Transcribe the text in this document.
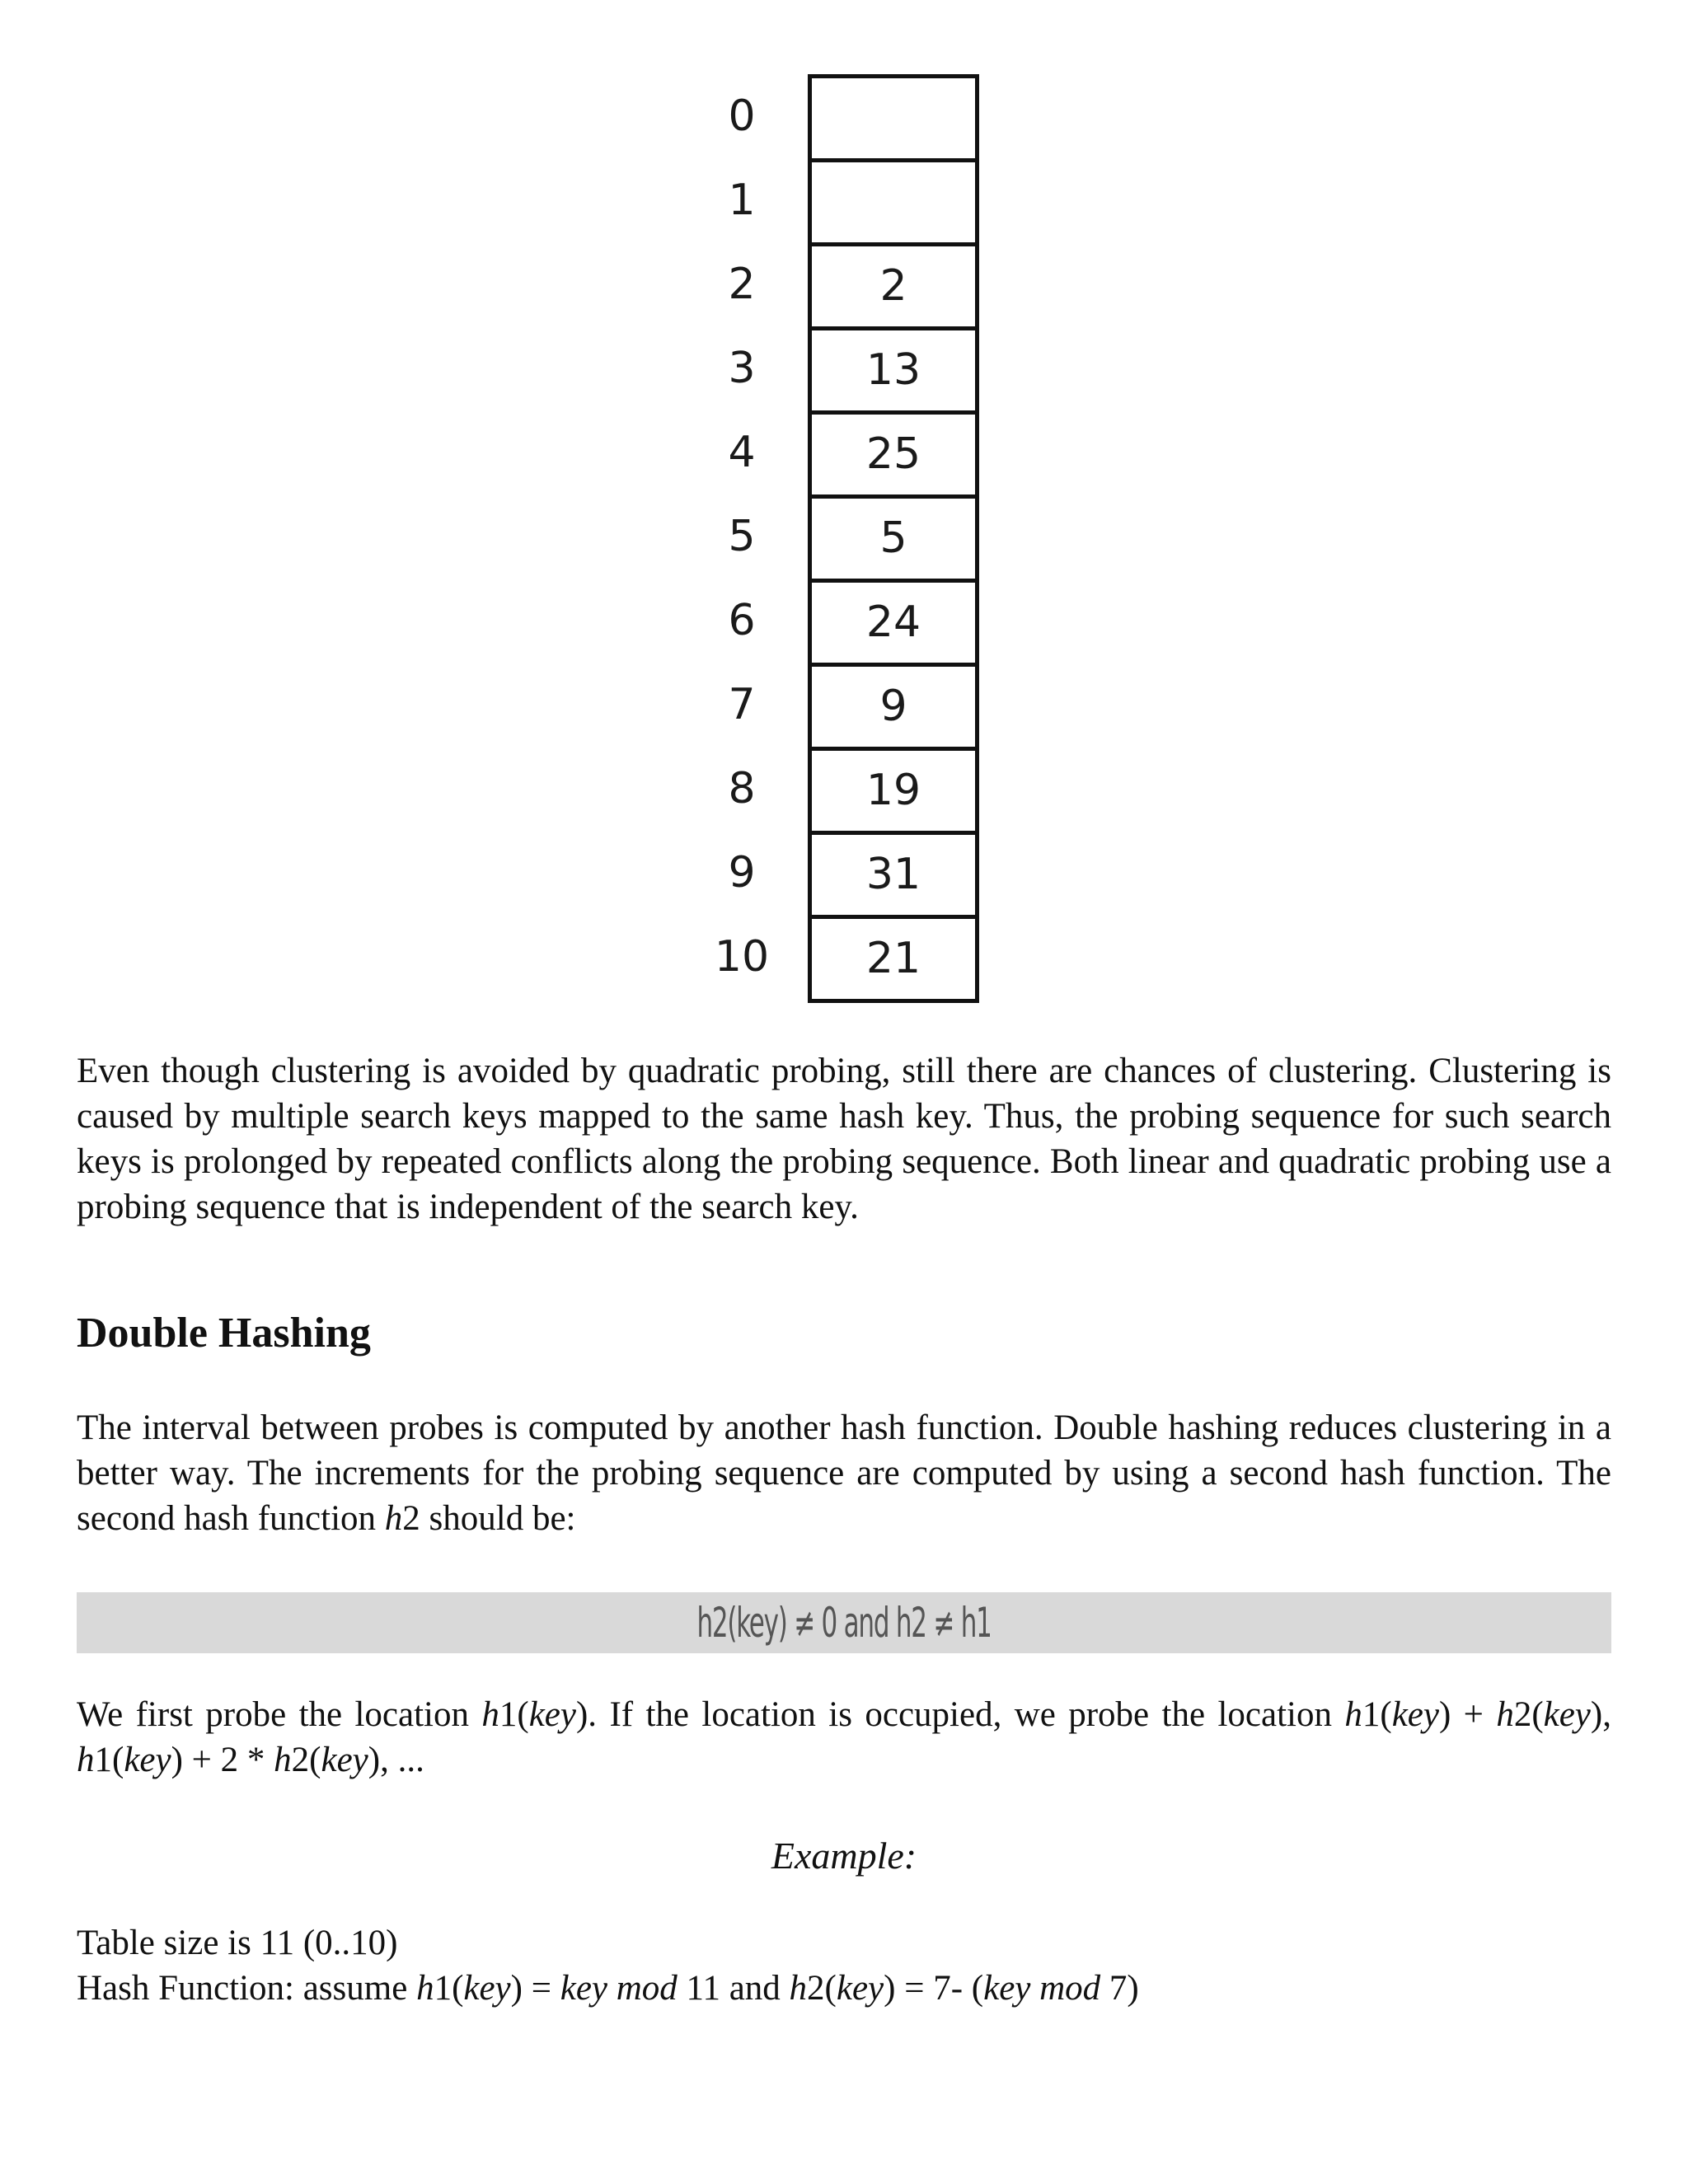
0
1
2
3
4
5
6
7
8
9
10
2
13
25
5
24
9
19
31
21

Even though clustering is avoided by quadratic probing, still there are chances of clustering. Clustering is caused by multiple search keys mapped to the same hash key. Thus, the probing sequence for such search keys is prolonged by repeated conflicts along the probing sequence. Both linear and quadratic probing use a probing sequence that is independent of the search key.

Double Hashing

The interval between probes is computed by another hash function. Double hashing reduces clustering in a better way. The increments for the probing sequence are computed by using a second hash function. The second hash function h2 should be:

h2(key) ≠ 0 and h2 ≠ h1

We first probe the location h1(key). If the location is occupied, we probe the location h1(key) + h2(key), h1(key) + 2 * h2(key), ...

Example:

Table size is 11 (0..10)

Hash Function: assume h1(key) = key mod 11 and h2(key) = 7- (key mod 7)
